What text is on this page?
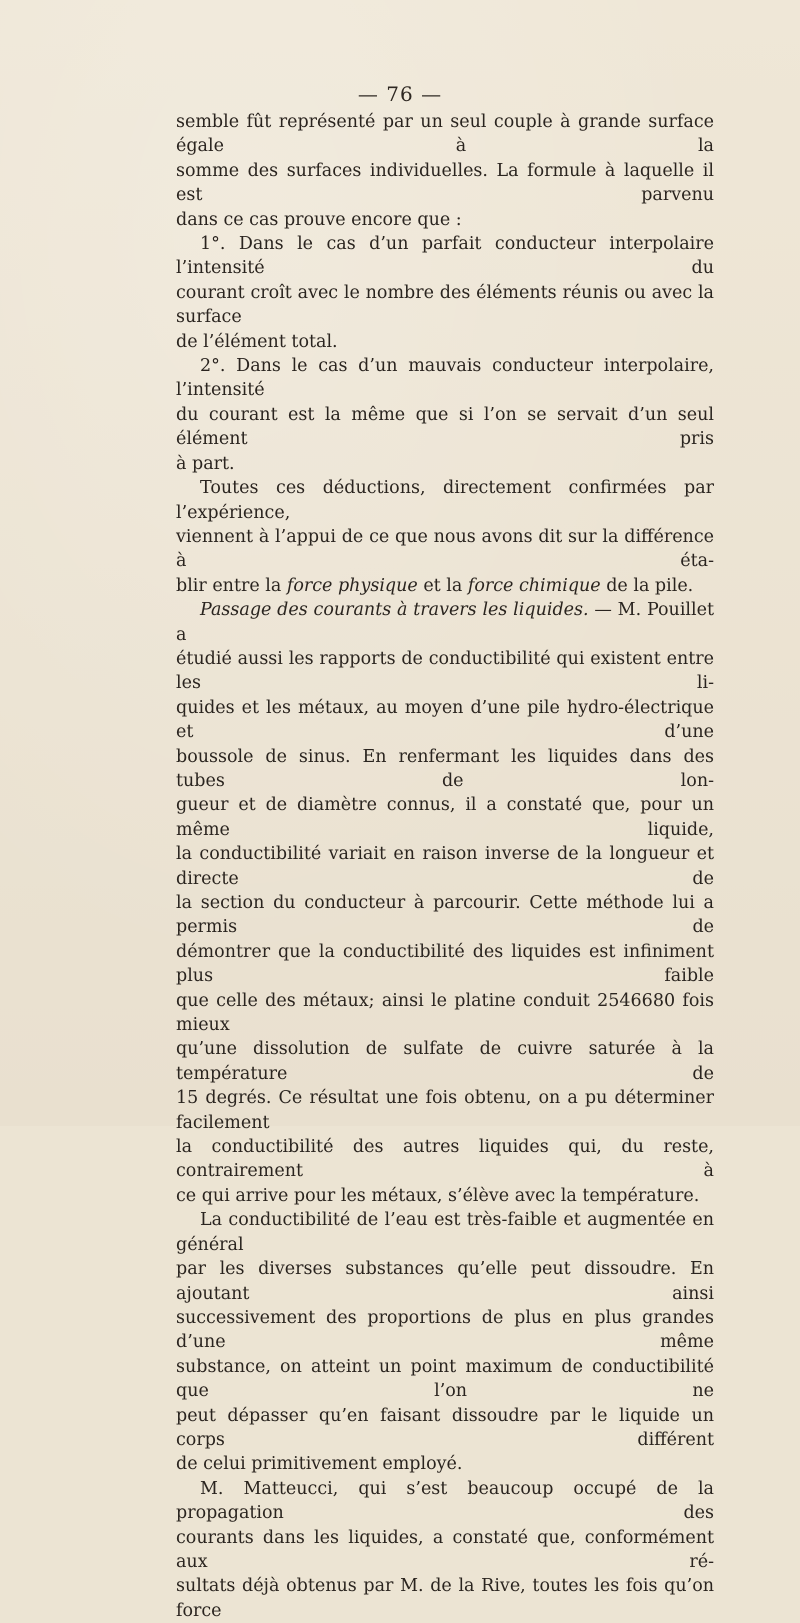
— 76 —

semble fût représenté par un seul couple à grande surface égale à la

somme des surfaces individuelles. La formule à laquelle il est parvenu

dans ce cas prouve encore que :

1°. Dans le cas d’un parfait conducteur interpolaire l’intensité du

courant croît avec le nombre des éléments réunis ou avec la surface

de l’élément total.

2°. Dans le cas d’un mauvais conducteur interpolaire, l’intensité

du courant est la même que si l’on se servait d’un seul élément pris

à part.

Toutes ces déductions, directement confirmées par l’expérience,

viennent à l’appui de ce que nous avons dit sur la différence à éta-

blir entre la force physique et la force chimique de la pile.

Passage des courants à travers les liquides. — M. Pouillet a

étudié aussi les rapports de conductibilité qui existent entre les li-

quides et les métaux, au moyen d’une pile hydro-électrique et d’une

boussole de sinus. En renfermant les liquides dans des tubes de lon-

gueur et de diamètre connus, il a constaté que, pour un même liquide,

la conductibilité variait en raison inverse de la longueur et directe de

la section du conducteur à parcourir. Cette méthode lui a permis de

démontrer que la conductibilité des liquides est infiniment plus faible

que celle des métaux; ainsi le platine conduit 2546680 fois mieux

qu’une dissolution de sulfate de cuivre saturée à la température de

15 degrés. Ce résultat une fois obtenu, on a pu déterminer facilement

la conductibilité des autres liquides qui, du reste, contrairement à

ce qui arrive pour les métaux, s’élève avec la température.

La conductibilité de l’eau est très-faible et augmentée en général

par les diverses substances qu’elle peut dissoudre. En ajoutant ainsi

successivement des proportions de plus en plus grandes d’une même

substance, on atteint un point maximum de conductibilité que l’on ne

peut dépasser qu’en faisant dissoudre par le liquide un corps différent

de celui primitivement employé.

M. Matteucci, qui s’est beaucoup occupé de la propagation des

courants dans les liquides, a constaté que, conformément aux ré-

sultats déjà obtenus par M. de la Rive, toutes les fois qu’on force
